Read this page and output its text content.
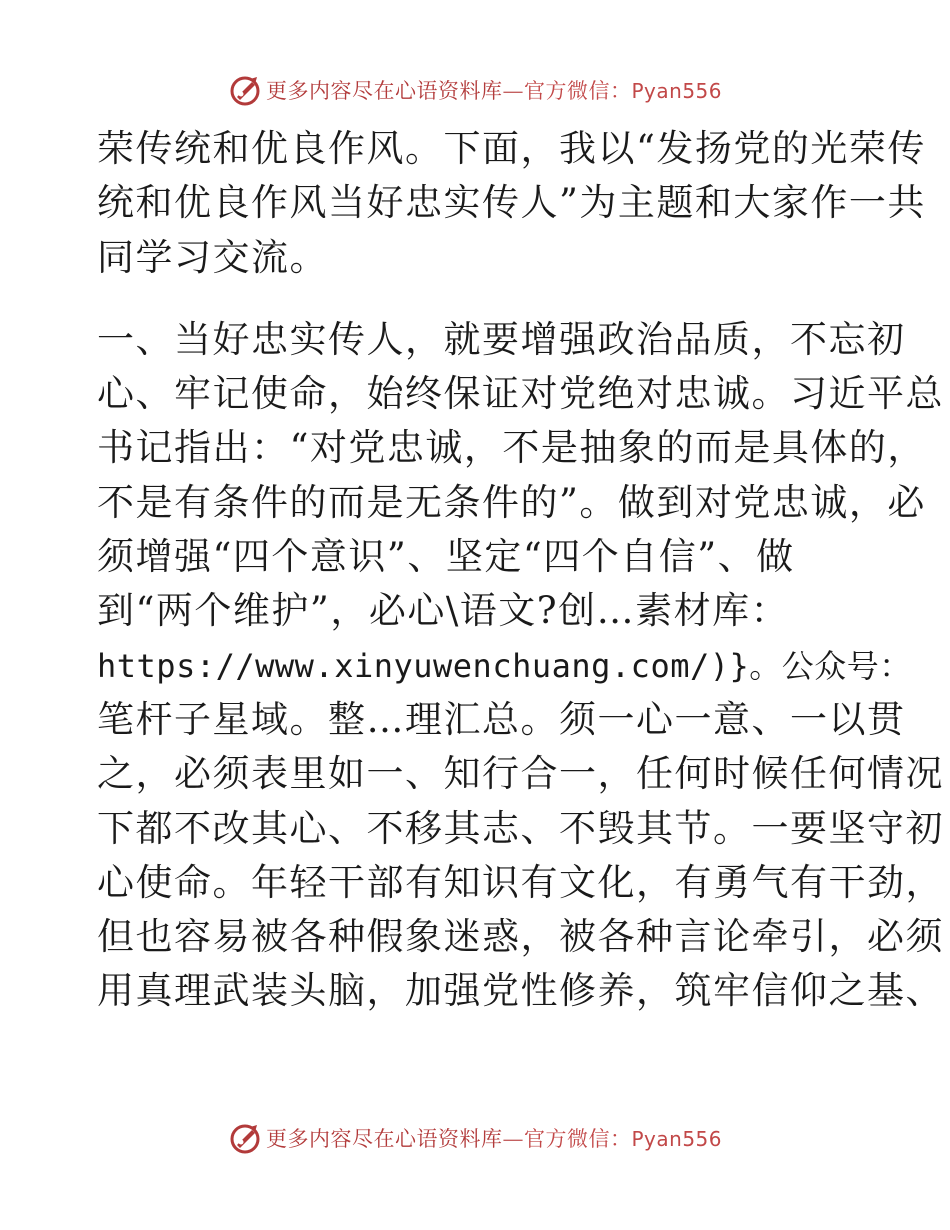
更多内容尽在心语资料库—官方微信：Pyan556
荣传统和优良作风。下面，我以“发扬党的光荣传
统和优良作风当好忠实传人”为主题和大家作一共
同学习交流。
一、当好忠实传人，就要增强政治品质，不忘初
心、牢记使命，始终保证对党绝对忠诚。习近平总
书记指出：“对党忠诚，不是抽象的而是具体的，
不是有条件的而是无条件的”。做到对党忠诚，必
须增强“四个意识”、坚定“四个自信”、做
到“两个维护”，必心\语文?创…素材库：
https://www.xinyuwenchuang.com/)}。公众号：
笔杆子星域。整…理汇总。须一心一意、一以贯
之，必须表里如一、知行合一，任何时候任何情况
下都不改其心、不移其志、不毁其节。一要坚守初
心使命。年轻干部有知识有文化，有勇气有干劲，
但也容易被各种假象迷惑，被各种言论牵引，必须
用真理武装头脑，加强党性修养，筑牢信仰之基、
更多内容尽在心语资料库—官方微信：Pyan556
